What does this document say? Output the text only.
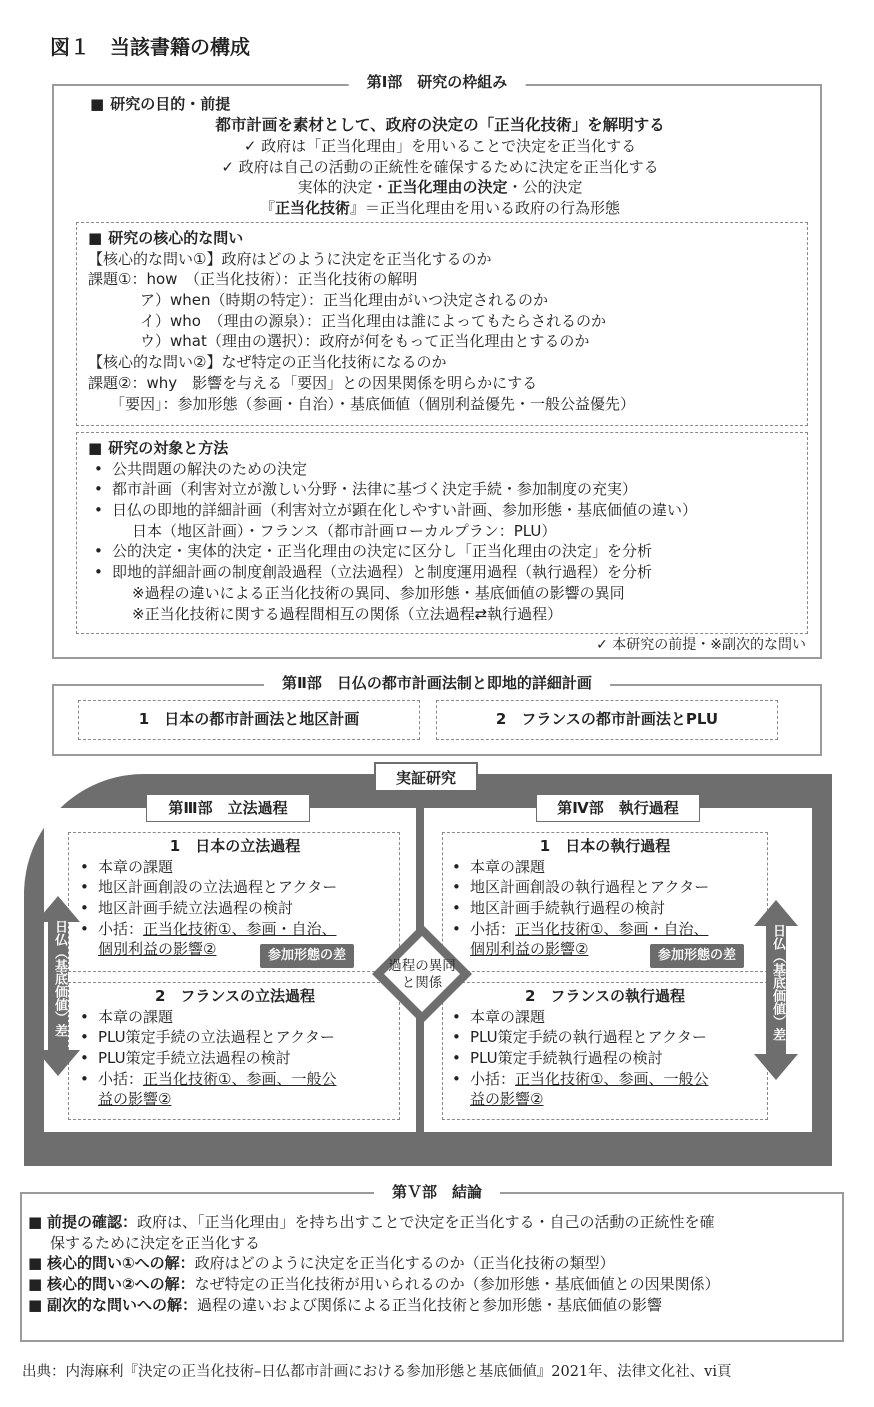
図１　当該書籍の構成
第Ⅰ部　研究の枠組み
■ 研究の目的・前提
都市計画を素材として、政府の決定の「正当化技術」を解明する
✓ 政府は「正当化理由」を用いることで決定を正当化する
✓ 政府は自己の活動の正統性を確保するために決定を正当化する
実体的決定・正当化理由の決定・公的決定
『正当化技術』＝正当化理由を用いる政府の行為形態
■ 研究の核心的な問い
【核心的な問い①】政府はどのように決定を正当化するのか
課題①：how　（正当化技術）：正当化技術の解明
ア）when（時期の特定）：正当化理由がいつ決定されるのか
イ）who　（理由の源泉）：正当化理由は誰によってもたらされるのか
ウ）what（理由の選択）：政府が何をもって正当化理由とするのか
【核心的な問い②】なぜ特定の正当化技術になるのか
課題②：why　影響を与える「要因」との因果関係を明らかにする
「要因」：参加形態（参画・自治）・基底価値（個別利益優先・一般公益優先）
■ 研究の対象と方法
• 公共問題の解決のための決定
• 都市計画（利害対立が激しい分野・法律に基づく決定手続・参加制度の充実）
• 日仏の即地的詳細計画（利害対立が顕在化しやすい計画、参加形態・基底価値の違い）
日本（地区計画）・フランス（都市計画ローカルプラン：PLU）
• 公的決定・実体的決定・正当化理由の決定に区分し「正当化理由の決定」を分析
• 即地的詳細計画の制度創設過程（立法過程）と制度運用過程（執行過程）を分析
※過程の違いによる正当化技術の異同、参加形態・基底価値の影響の異同
※正当化技術に関する過程間相互の関係（立法過程⇄執行過程）
✓ 本研究の前提・※副次的な問い
第Ⅱ部　日仏の都市計画法制と即地的詳細計画
1　日本の都市計画法と地区計画	2　フランスの都市計画法とPLU
実証研究
第Ⅲ部　立法過程	第Ⅳ部　執行過程
1　日本の立法過程
• 本章の課題
• 地区計画創設の立法過程とアクター
• 地区計画手続立法過程の検討
• 小括：正当化技術①、参画・自治、
個別利益の影響②	参加形態の差
2　フランスの立法過程
• 本章の課題
• PLU策定手続の立法過程とアクター
• PLU策定手続立法過程の検討
• 小括：正当化技術①、参画、一般公
益の影響②
1　日本の執行過程
• 本章の課題
• 地区計画創設の執行過程とアクター
• 地区計画手続執行過程の検討
• 小括：正当化技術①、参画・自治、
個別利益の影響②	参加形態の差
2　フランスの執行過程
• 本章の課題
• PLU策定手続の執行過程とアクター
• PLU策定手続執行過程の検討
• 小括：正当化技術①、参画、一般公
益の影響②
過程の異同
と関係
日仏（基底価値）差	日仏（基底価値）差
第Ｖ部　結論
■ 前提の確認：政府は、「正当化理由」を持ち出すことで決定を正当化する・自己の活動の正統性を確
保するために決定を正当化する
■ 核心的問い①への解：政府はどのように決定を正当化するのか（正当化技術の類型）
■ 核心的問い②への解：なぜ特定の正当化技術が用いられるのか（参加形態・基底価値との因果関係）
■ 副次的な問いへの解：過程の違いおよび関係による正当化技術と参加形態・基底価値の影響
出典：内海麻利『決定の正当化技術–日仏都市計画における参加形態と基底価値』2021年、法律文化社、vi頁
